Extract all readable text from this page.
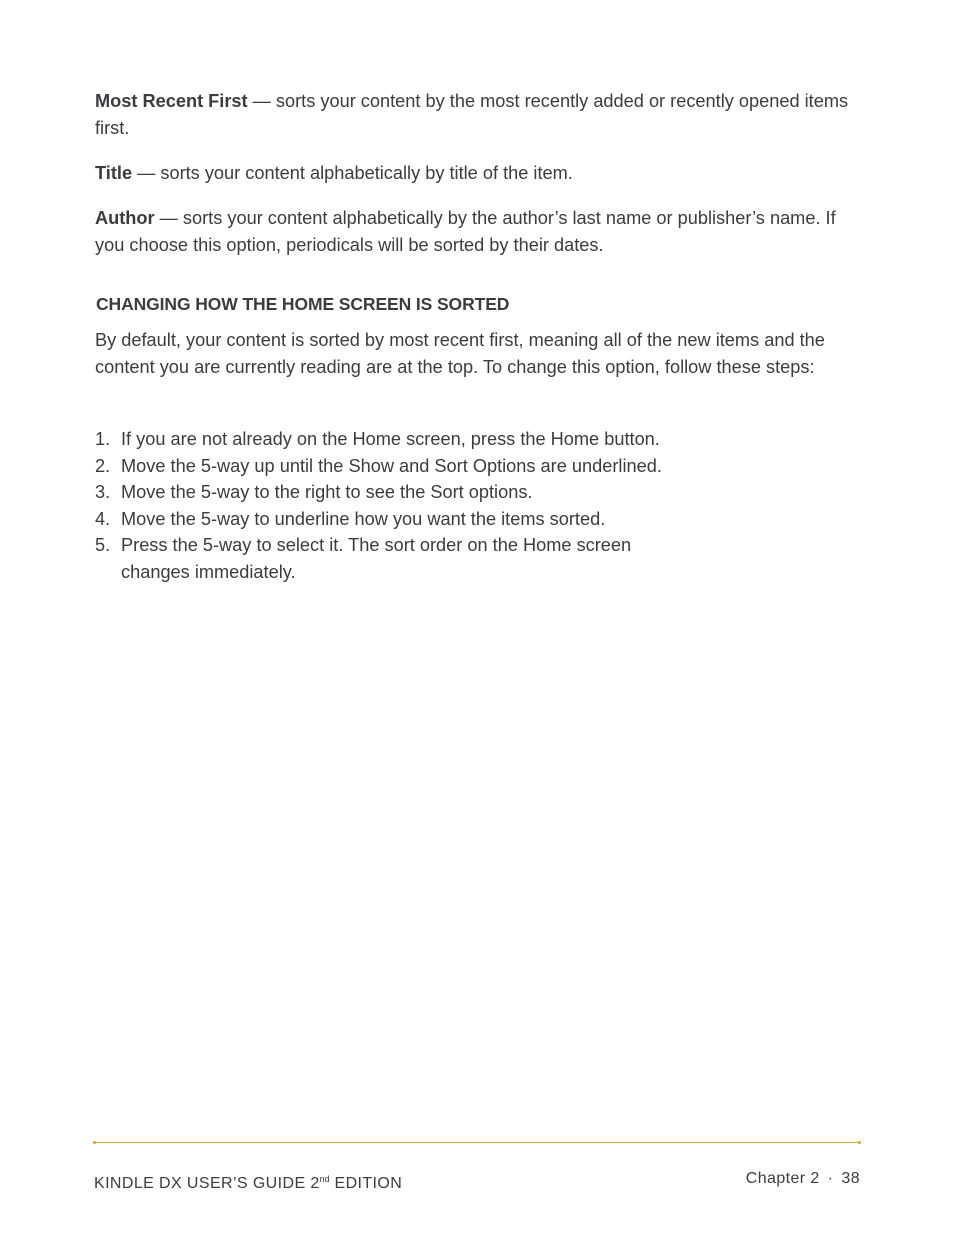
Most Recent First — sorts your content by the most recently added or recently opened items first.

Title — sorts your content alphabetically by title of the item.

Author — sorts your content alphabetically by the author’s last name or publisher’s name. If you choose this option, periodicals will be sorted by their dates.

CHANGING HOW THE HOME SCREEN IS SORTED

By default, your content is sorted by most recent first, meaning all of the new items and the content you are currently reading are at the top. To change this option, follow these steps:

1. If you are not already on the Home screen, press the Home button.
2. Move the 5-way up until the Show and Sort Options are underlined.
3. Move the 5-way to the right to see the Sort options.
4. Move the 5-way to underline how you want the items sorted.
5. Press the 5-way to select it. The sort order on the Home screen changes immediately.
KINDLE DX USER’S GUIDE 2nd EDITION	Chapter 2 · 38
